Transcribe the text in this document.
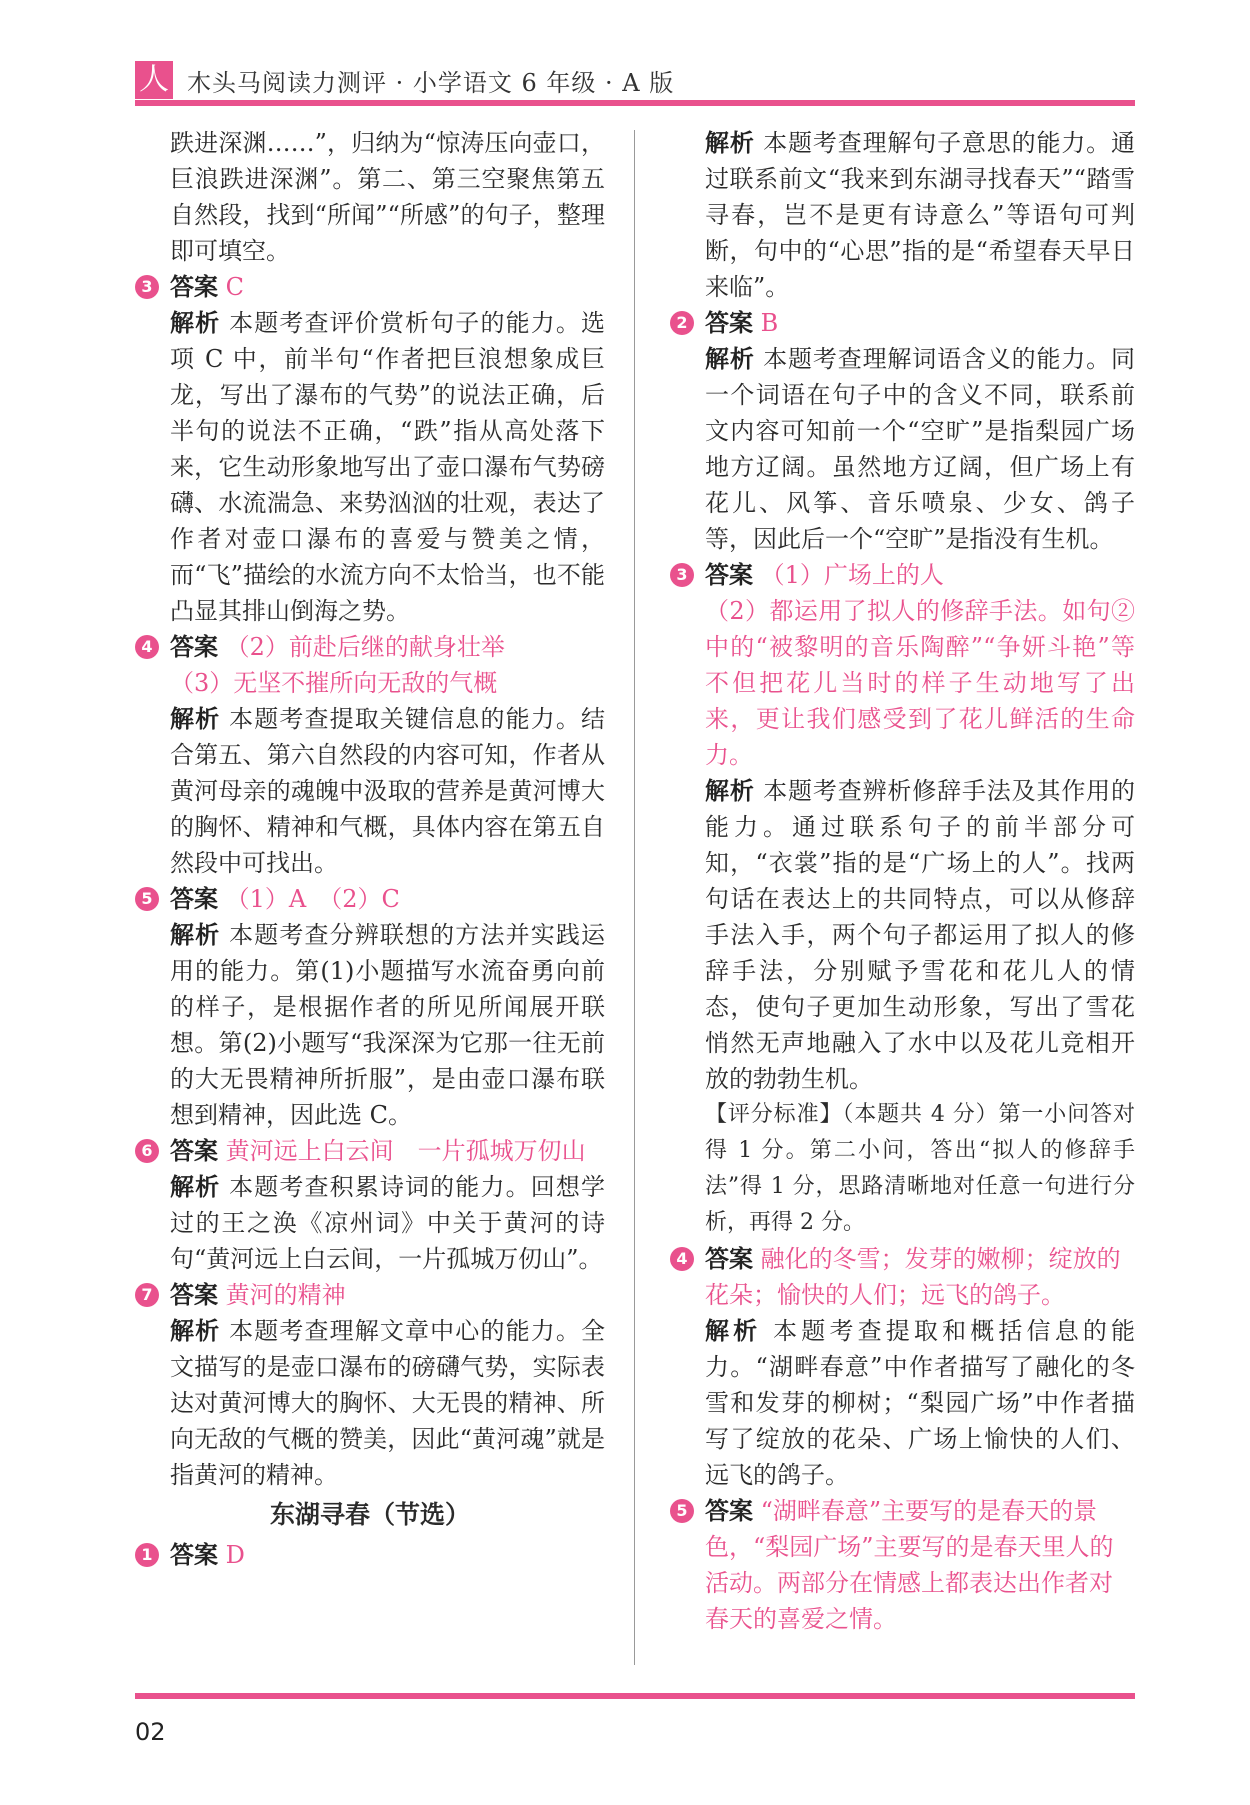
人 木头马阅读力测评 · 小学语文 6 年级 · A 版

跌进深渊……”，归纳为“惊涛压向壶口，巨浪跌进深渊”。第二、第三空聚焦第五自然段，找到“所闻”“所感”的句子，整理即可填空。

3 答案 C

解析 本题考查评价赏析句子的能力。选项 C 中，前半句“作者把巨浪想象成巨龙，写出了瀑布的气势”的说法正确，后半句的说法不正确，“跌”指从高处落下来，它生动形象地写出了壶口瀑布气势磅礴、水流湍急、来势汹汹的壮观，表达了作者对壶口瀑布的喜爱与赞美之情，而“飞”描绘的水流方向不太恰当，也不能凸显其排山倒海之势。

4 答案 （2）前赴后继的献身壮举

（3）无坚不摧所向无敌的气概

解析 本题考查提取关键信息的能力。结合第五、第六自然段的内容可知，作者从黄河母亲的魂魄中汲取的营养是黄河博大的胸怀、精神和气概，具体内容在第五自然段中可找出。

5 答案 （1）A　（2）C

解析 本题考查分辨联想的方法并实践运用的能力。第(1)小题描写水流奋勇向前的样子，是根据作者的所见所闻展开联想。第(2)小题写“我深深为它那一往无前的大无畏精神所折服”，是由壶口瀑布联想到精神，因此选 C。

6 答案 黄河远上白云间　一片孤城万仞山

解析 本题考查积累诗词的能力。回想学过的王之涣《凉州词》中关于黄河的诗句“黄河远上白云间，一片孤城万仞山”。

7 答案 黄河的精神

解析 本题考查理解文章中心的能力。全文描写的是壶口瀑布的磅礴气势，实际表达对黄河博大的胸怀、大无畏的精神、所向无敌的气概的赞美，因此“黄河魂”就是指黄河的精神。

东湖寻春（节选）

1 答案 D

解析 本题考查理解句子意思的能力。通过联系前文“我来到东湖寻找春天”“踏雪寻春，岂不是更有诗意么”等语句可判断，句中的“心思”指的是“希望春天早日来临”。

2 答案 B

解析 本题考查理解词语含义的能力。同一个词语在句子中的含义不同，联系前文内容可知前一个“空旷”是指梨园广场地方辽阔。虽然地方辽阔，但广场上有花儿、风筝、音乐喷泉、少女、鸽子等，因此后一个“空旷”是指没有生机。

3 答案 （1）广场上的人

（2）都运用了拟人的修辞手法。如句②中的“被黎明的音乐陶醉”“争妍斗艳”等不但把花儿当时的样子生动地写了出来，更让我们感受到了花儿鲜活的生命力。

解析 本题考查辨析修辞手法及其作用的能力。通过联系句子的前半部分可知，“衣裳”指的是“广场上的人”。找两句话在表达上的共同特点，可以从修辞手法入手，两个句子都运用了拟人的修辞手法，分别赋予雪花和花儿人的情态，使句子更加生动形象，写出了雪花悄然无声地融入了水中以及花儿竞相开放的勃勃生机。

【评分标准】（本题共 4 分）第一小问答对得 1 分。第二小问，答出“拟人的修辞手法”得 1 分，思路清晰地对任意一句进行分析，再得 2 分。

4 答案 融化的冬雪；发芽的嫩柳；绽放的花朵；愉快的人们；远飞的鸽子。

解析 本题考查提取和概括信息的能力。“湖畔春意”中作者描写了融化的冬雪和发芽的柳树；“梨园广场”中作者描写了绽放的花朵、广场上愉快的人们、远飞的鸽子。

5 答案 “湖畔春意”主要写的是春天的景色，“梨园广场”主要写的是春天里人的活动。两部分在情感上都表达出作者对春天的喜爱之情。

02
